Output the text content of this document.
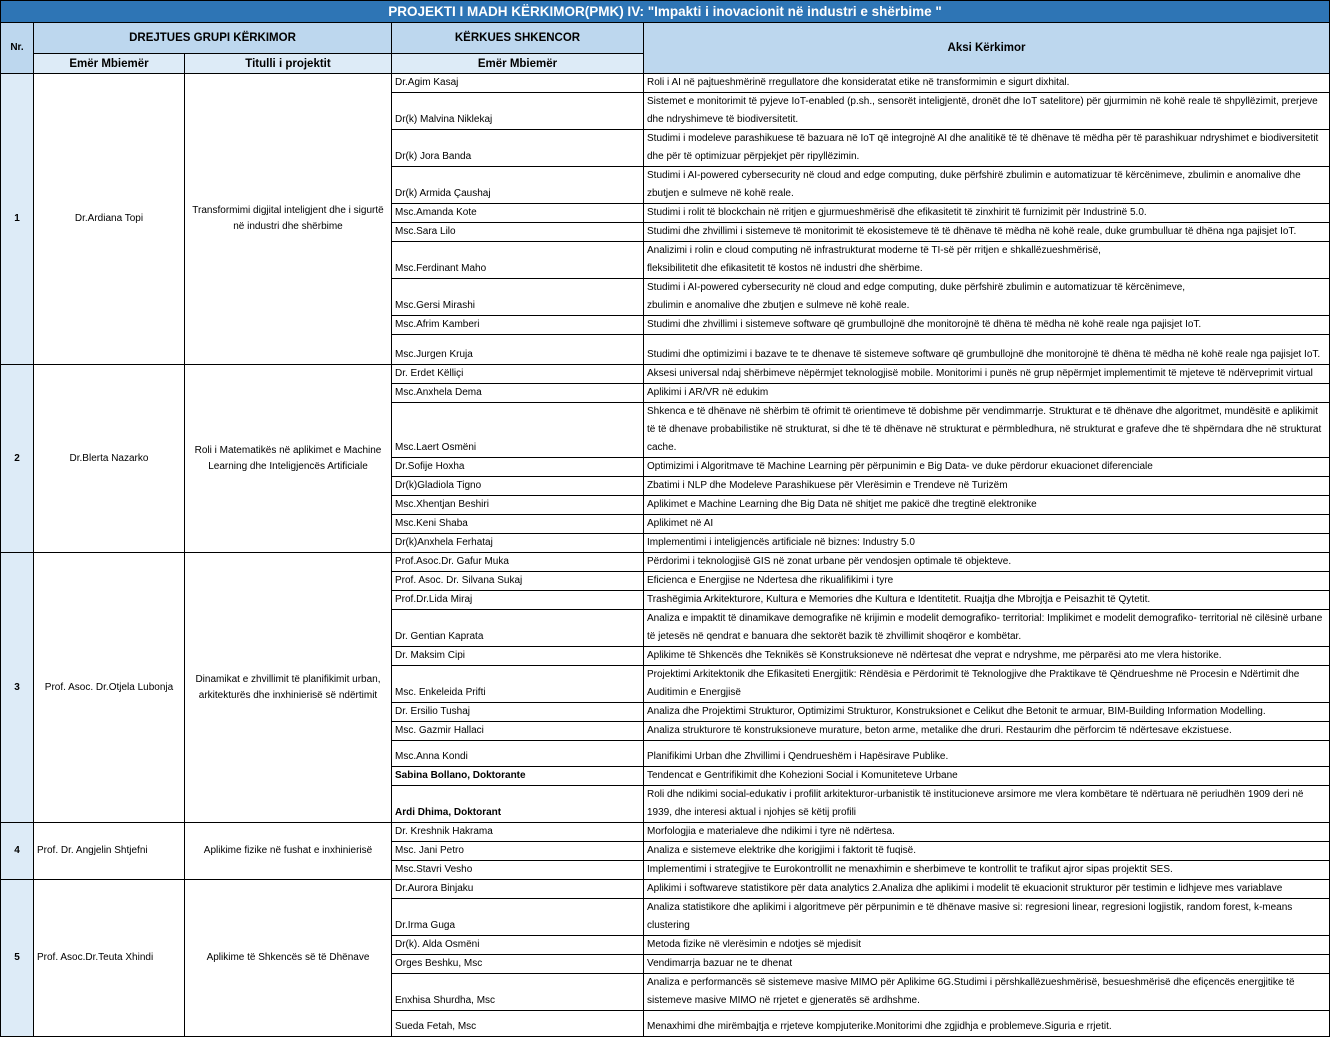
PROJEKTI I MADH KËRKIMOR(PMK) IV: "Impakti i inovacionit në industri e shërbime "				
Nr.	DREJTUES GRUPI KËRKIMOR		KËRKUES SHKENCOR	Aksi Kërkimor
	Emër Mbiemër	Titulli i projektit	Emër Mbiemër	
1	Dr.Ardiana Topi	Transformimi digjital inteligjent dhe i sigurtë në industri dhe shërbime	Dr.Agim Kasaj	Roli i AI në pajtueshmërinë rregullatore dhe konsideratat etike në transformimin e sigurt dixhital.
			Dr(k) Malvina Niklekaj	Sistemet e monitorimit të pyjeve IoT-enabled (p.sh., sensorët inteligjentë, dronët dhe IoT satelitore) për gjurmimin në kohë reale të shpyllëzimit, prerjeve dhe ndryshimeve të biodiversitetit.
			Dr(k) Jora Banda	Studimi i modeleve parashikuese të bazuara në IoT që integrojnë AI dhe analitikë të të dhënave të mëdha për të parashikuar ndryshimet e biodiversitetit dhe për të optimizuar përpjekjet për ripyllëzimin.
			Dr(k) Armida Çaushaj	Studimi i AI-powered cybersecurity në cloud and edge computing, duke përfshirë zbulimin e automatizuar të kërcënimeve, zbulimin e anomalive dhe zbutjen e sulmeve në kohë reale.
			Msc.Amanda Kote	Studimi i rolit të blockchain në rritjen e gjurmueshmërisë dhe efikasitetit të zinxhirit të furnizimit për Industrinë 5.0.
			Msc.Sara Lilo	Studimi dhe zhvillimi i sistemeve të monitorimit të ekosistemeve të të dhënave të mëdha në kohë reale, duke grumbulluar të dhëna nga pajisjet IoT.
			Msc.Ferdinant Maho	Analizimi i rolin e cloud computing në infrastrukturat moderne të TI-së për rritjen e shkallëzueshmërisë,
fleksibilitetit dhe efikasitetit të kostos në industri dhe shërbime.
			Msc.Gersi Mirashi	Studimi i AI-powered cybersecurity në cloud and edge computing, duke përfshirë zbulimin e automatizuar të kërcënimeve,
zbulimin e anomalive dhe zbutjen e sulmeve në kohë reale.
			Msc.Afrim Kamberi	Studimi dhe zhvillimi i sistemeve software që grumbullojnë dhe monitorojnë të dhëna të mëdha në kohë reale nga pajisjet IoT.
			Msc.Jurgen Kruja	Studimi dhe optimizimi i bazave te te dhenave të sistemeve software që grumbullojnë dhe monitorojnë të dhëna të mëdha në kohë reale nga pajisjet IoT.
2	Dr.Blerta Nazarko	Roli i Matematikës në aplikimet e Machine Learning dhe Inteligjencës Artificiale	Dr. Erdet Këlliçi	Aksesi universal ndaj shërbimeve nëpërmjet teknologjisë mobile. Monitorimi i punës në grup nëpërmjet implementimit të mjeteve të ndërveprimit virtual
			Msc.Anxhela Dema	Aplikimi i AR/VR në edukim
			Msc.Laert Osmëni	Shkenca e të dhënave në shërbim të ofrimit të orientimeve të dobishme për vendimmarrje. Strukturat e të dhënave dhe algoritmet, mundësitë e aplikimit të të dhenave probabilistike në strukturat, si dhe të të dhënave në strukturat e përmbledhura, në strukturat e grafeve dhe të shpërndara dhe në strukturat cache.
			Dr.Sofije Hoxha	Optimizimi i Algoritmave të Machine Learning për përpunimin e Big Data- ve duke përdorur ekuacionet diferenciale
			Dr(k)Gladiola Tigno	Zbatimi i NLP dhe Modeleve Parashikuese për Vlerësimin e Trendeve në Turizëm
			Msc.Xhentjan Beshiri	Aplikimet e Machine Learning dhe Big Data në shitjet me pakicë dhe tregtinë elektronike
			Msc.Keni Shaba	Aplikimet në AI
			Dr(k)Anxhela Ferhataj	Implementimi i inteligjencës artificiale në biznes: Industry 5.0
3	Prof. Asoc. Dr.Otjela Lubonja	Dinamikat e zhvillimit të planifikimit urban, arkitekturës dhe inxhinierisë së ndërtimit	Prof.Asoc.Dr. Gafur Muka	Përdorimi i teknologjisë GIS në zonat urbane për vendosjen optimale të objekteve.
			Prof. Asoc. Dr. Silvana Sukaj	Eficienca e Energjise ne Ndertesa dhe rikualifikimi i tyre
			Prof.Dr.Lida Miraj	Trashëgimia Arkitekturore, Kultura e Memories dhe Kultura e Identitetit. Ruajtja dhe Mbrojtja e Peisazhit të Qytetit.
			Dr. Gentian Kaprata	Analiza e impaktit të dinamikave demografike në krijimin e modelit demografiko- territorial: Implikimet e modelit demografiko- territorial në cilësinë urbane të jetesës në qendrat e banuara dhe sektorët bazik të zhvillimit shoqëror e kombëtar.
			Dr. Maksim Cipi	Aplikime të Shkencës dhe Teknikës së Konstruksioneve në ndërtesat dhe veprat e ndryshme, me përparësi ato me vlera historike.
			Msc. Enkeleida Prifti	Projektimi Arkitektonik dhe Efikasiteti Energjitik: Rëndësia e Përdorimit të Teknologjive dhe Praktikave të Qëndrueshme në Procesin e Ndërtimit dhe Auditimin e Energjisë
			Dr. Ersilio Tushaj	Analiza dhe Projektimi Strukturor, Optimizimi Strukturor, Konstruksionet e Celikut dhe Betonit te armuar, BIM-Building Information Modelling.
			Msc. Gazmir Hallaci	Analiza strukturore të konstruksioneve murature, beton arme, metalike dhe druri. Restaurim dhe përforcim të ndërtesave ekzistuese.
			Msc.Anna Kondi	Planifikimi Urban dhe Zhvillimi i Qendrueshëm i Hapësirave Publike.
			Sabina Bollano, Doktorante	Tendencat e Gentrifikimit dhe Kohezioni Social i Komuniteteve Urbane
			Ardi Dhima, Doktorant	Roli dhe ndikimi social-edukativ i profilit arkitekturor-urbanistik të institucioneve arsimore me vlera kombëtare të ndërtuara në periudhën 1909 deri në 1939, dhe interesi aktual i njohjes së këtij profili
4	Prof. Dr. Angjelin Shtjefni	Aplikime fizike në fushat e inxhinierisë	Dr. Kreshnik Hakrama	Morfologjia e materialeve dhe ndikimi i tyre në ndërtesa.
			Msc. Jani Petro	Analiza e sistemeve elektrike dhe korigjimi i faktorit të fuqisë.
			Msc.Stavri Vesho	Implementimi i strategjive te Eurokontrollit ne menaxhimin e sherbimeve te kontrollit te trafikut ajror sipas projektit SES.
5	Prof. Asoc.Dr.Teuta Xhindi	Aplikime të Shkencës së të Dhënave	Dr.Aurora Binjaku	Aplikimi i softwareve statistikore për data analytics 2.Analiza dhe aplikimi i modelit të ekuacionit strukturor për testimin e lidhjeve mes variablave
			Dr.Irma Guga	Analiza statistikore dhe aplikimi i algoritmeve për përpunimin e të dhënave masive si: regresioni linear, regresioni logjistik, random forest, k-means clustering
			Dr(k). Alda Osmëni	Metoda fizike në vlerësimin e ndotjes së mjedisit
			Orges Beshku, Msc	Vendimarrja bazuar ne te dhenat
			Enxhisa Shurdha, Msc	Analiza e performancës së sistemeve masive MIMO për Aplikime 6G.Studimi i përshkallëzueshmërisë, besueshmërisë dhe efiçencës energjitike të sistemeve masive MIMO në rrjetet e gjeneratës së ardhshme.
			Sueda Fetah, Msc	Menaxhimi dhe mirëmbajtja e rrjeteve kompjuterike.Monitorimi dhe zgjidhja e problemeve.Siguria e rrjetit.
